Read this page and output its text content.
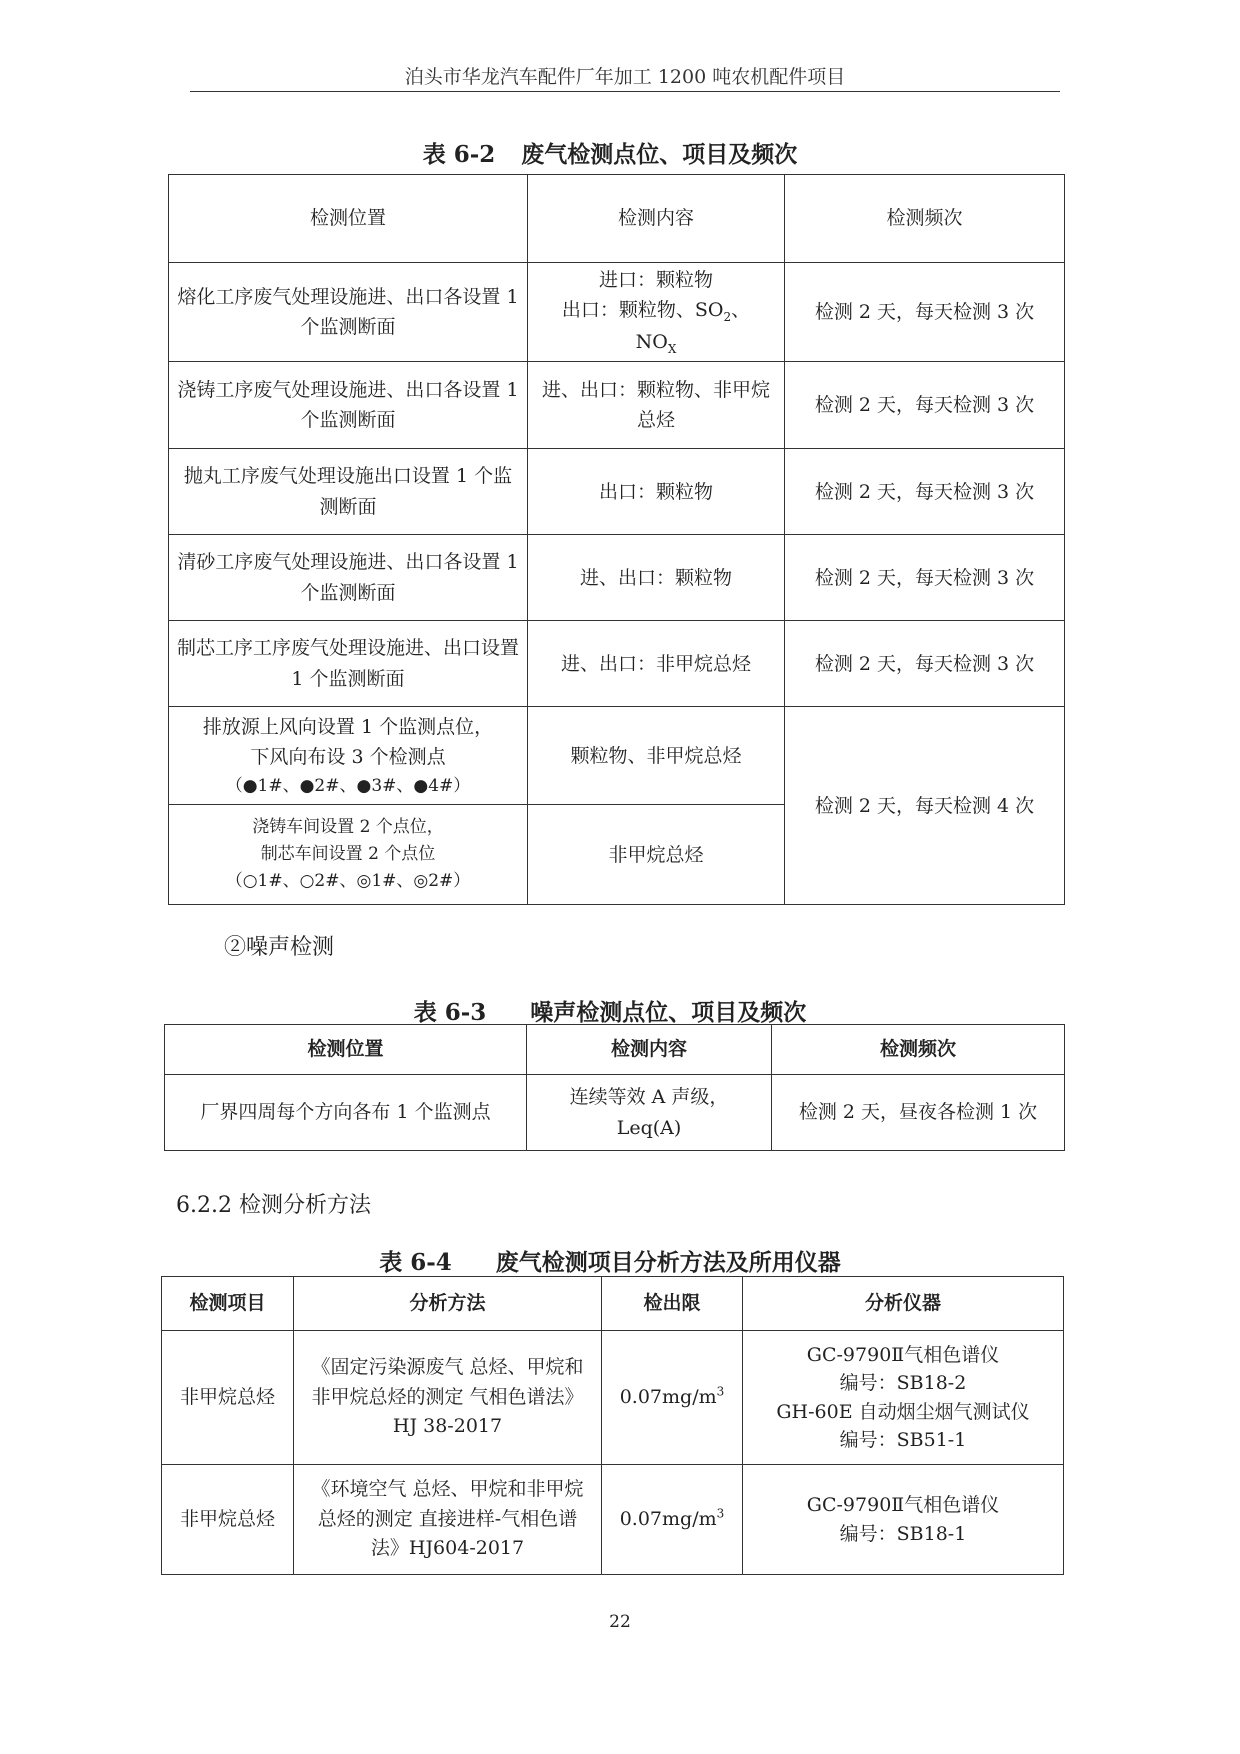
泊头市华龙汽车配件厂年加工 1200 吨农机配件项目
表 6-2 废气检测点位、项目及频次
检测位置	检测内容	检测频次
熔化工序废气处理设施进、出口各设置 1 个监测断面	进口：颗粒物
出口：颗粒物、$SO_2$、
$NO_X$	检测 2 天，每天检测 3 次
浇铸工序废气处理设施进、出口各设置 1 个监测断面	进、出口：颗粒物、非甲烷总烃	检测 2 天，每天检测 3 次
抛丸工序废气处理设施出口设置 1 个监测断面	出口：颗粒物	检测 2 天，每天检测 3 次
清砂工序废气处理设施进、出口各设置 1 个监测断面	进、出口：颗粒物	检测 2 天，每天检测 3 次
制芯工序工序废气处理设施进、出口设置 1 个监测断面	进、出口：非甲烷总烃	检测 2 天，每天检测 3 次

排放源上风向设置 1 个监测点位，
下风向布设 3 个检测点
（●1#、●2#、●3#、●4#）	颗粒物、非甲烷总烃	检测 2 天，每天检测 4 次

浇铸车间设置 2 个点位，
制芯车间设置 2 个点位
（○1#、○2#、◎1#、◎2#）	非甲烷总烃	
②噪声检测
表 6-3 噪声检测点位、项目及频次
检测位置	检测内容	检测频次
厂界四周每个方向各布 1 个监测点	连续等效 A 声级，
Leq(A)	检测 2 天，昼夜各检测 1 次
6.2.2 检测分析方法
表 6-4 废气检测项目分析方法及所用仪器
检测项目	分析方法	检出限	分析仪器
非甲烷总烃	《固定污染源废气 总烃、甲烷和非甲烷总烃的测定 气相色谱法》HJ 38-2017	$0.07mg/m^3$	GC-9790Ⅱ气相色谱仪
编号：SB18-2
GH-60E 自动烟尘烟气测试仪
编号：SB51-1

非甲烷总烃	《环境空气 总烃、甲烷和非甲烷总烃的测定 直接进样-气相色谱法》HJ604-2017	$0.07mg/m^3$	GC-9790Ⅱ气相色谱仪
编号：SB18-1
22
